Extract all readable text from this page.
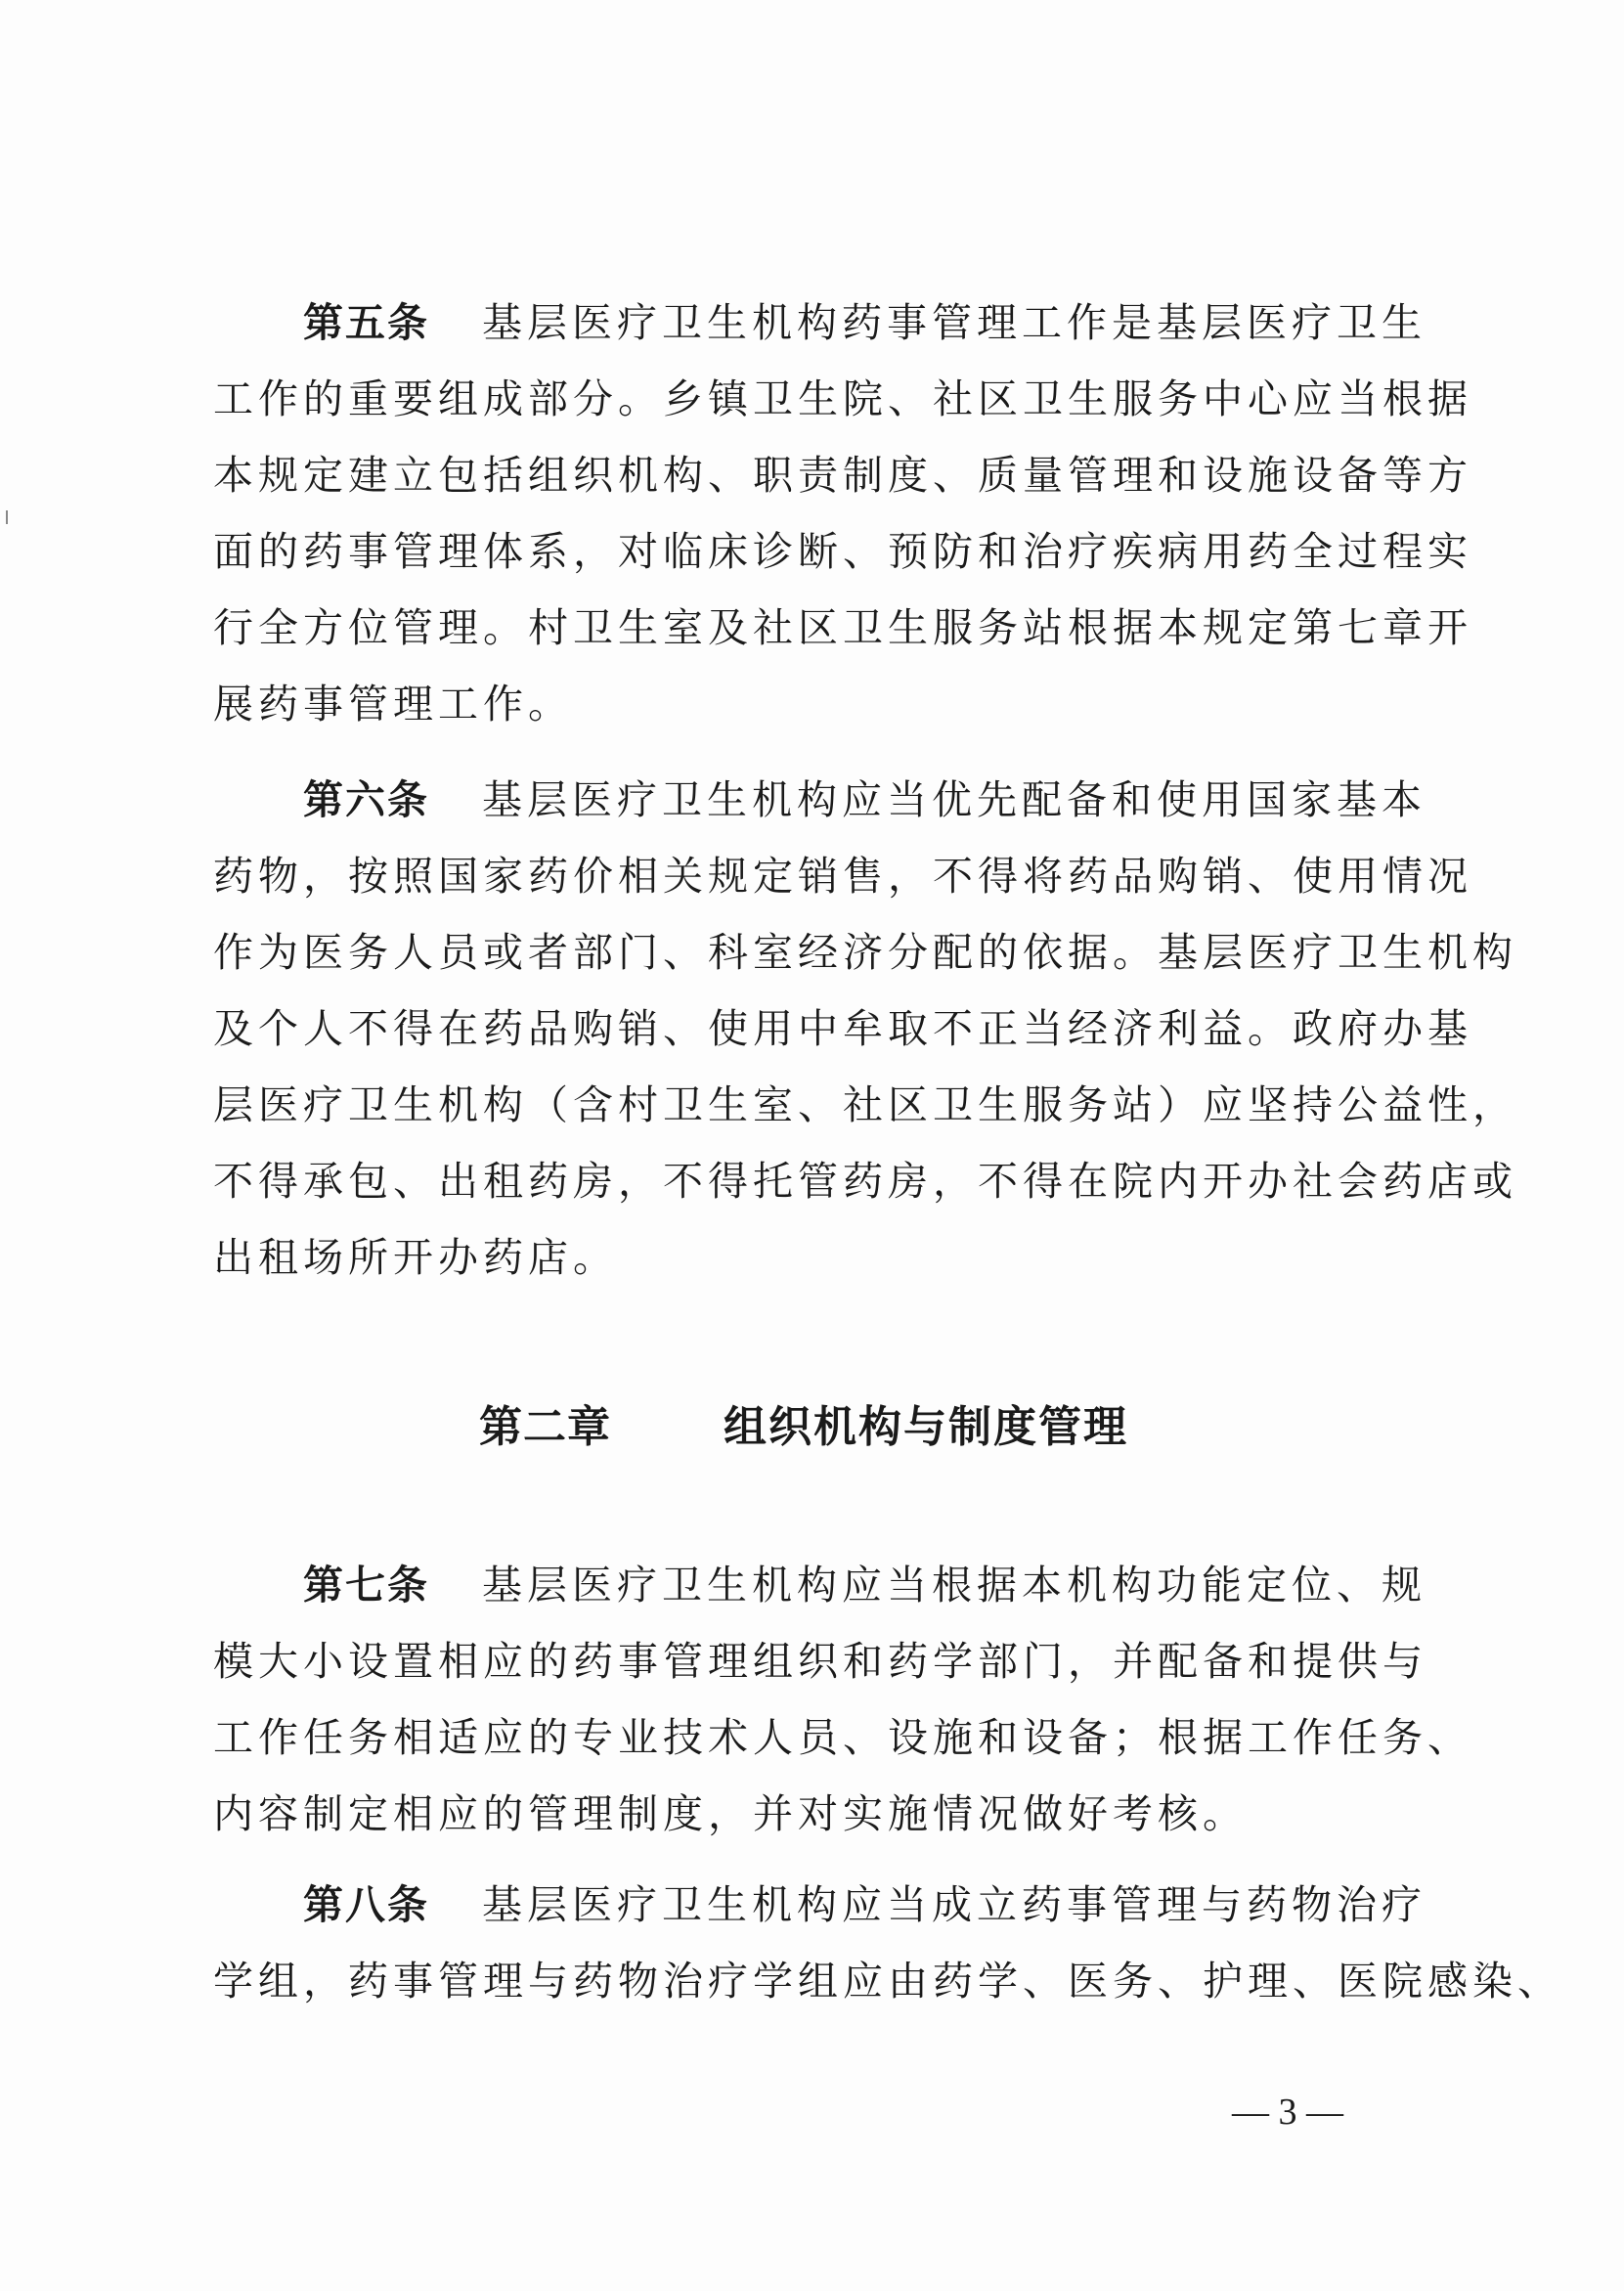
第五条 基层医疗卫生机构药事管理工作是基层医疗卫生
工作的重要组成部分。乡镇卫生院、社区卫生服务中心应当根据
本规定建立包括组织机构、职责制度、质量管理和设施设备等方
面的药事管理体系，对临床诊断、预防和治疗疾病用药全过程实
行全方位管理。村卫生室及社区卫生服务站根据本规定第七章开
展药事管理工作。
第六条 基层医疗卫生机构应当优先配备和使用国家基本
药物，按照国家药价相关规定销售，不得将药品购销、使用情况
作为医务人员或者部门、科室经济分配的依据。基层医疗卫生机构
及个人不得在药品购销、使用中牟取不正当经济利益。政府办基
层医疗卫生机构（含村卫生室、社区卫生服务站）应坚持公益性，
不得承包、出租药房，不得托管药房，不得在院内开办社会药店或
出租场所开办药店。
第二章	组织机构与制度管理
第七条 基层医疗卫生机构应当根据本机构功能定位、规
模大小设置相应的药事管理组织和药学部门，并配备和提供与
工作任务相适应的专业技术人员、设施和设备；根据工作任务、
内容制定相应的管理制度，并对实施情况做好考核。
第八条 基层医疗卫生机构应当成立药事管理与药物治疗
学组，药事管理与药物治疗学组应由药学、医务、护理、医院感染、
— 3 —
